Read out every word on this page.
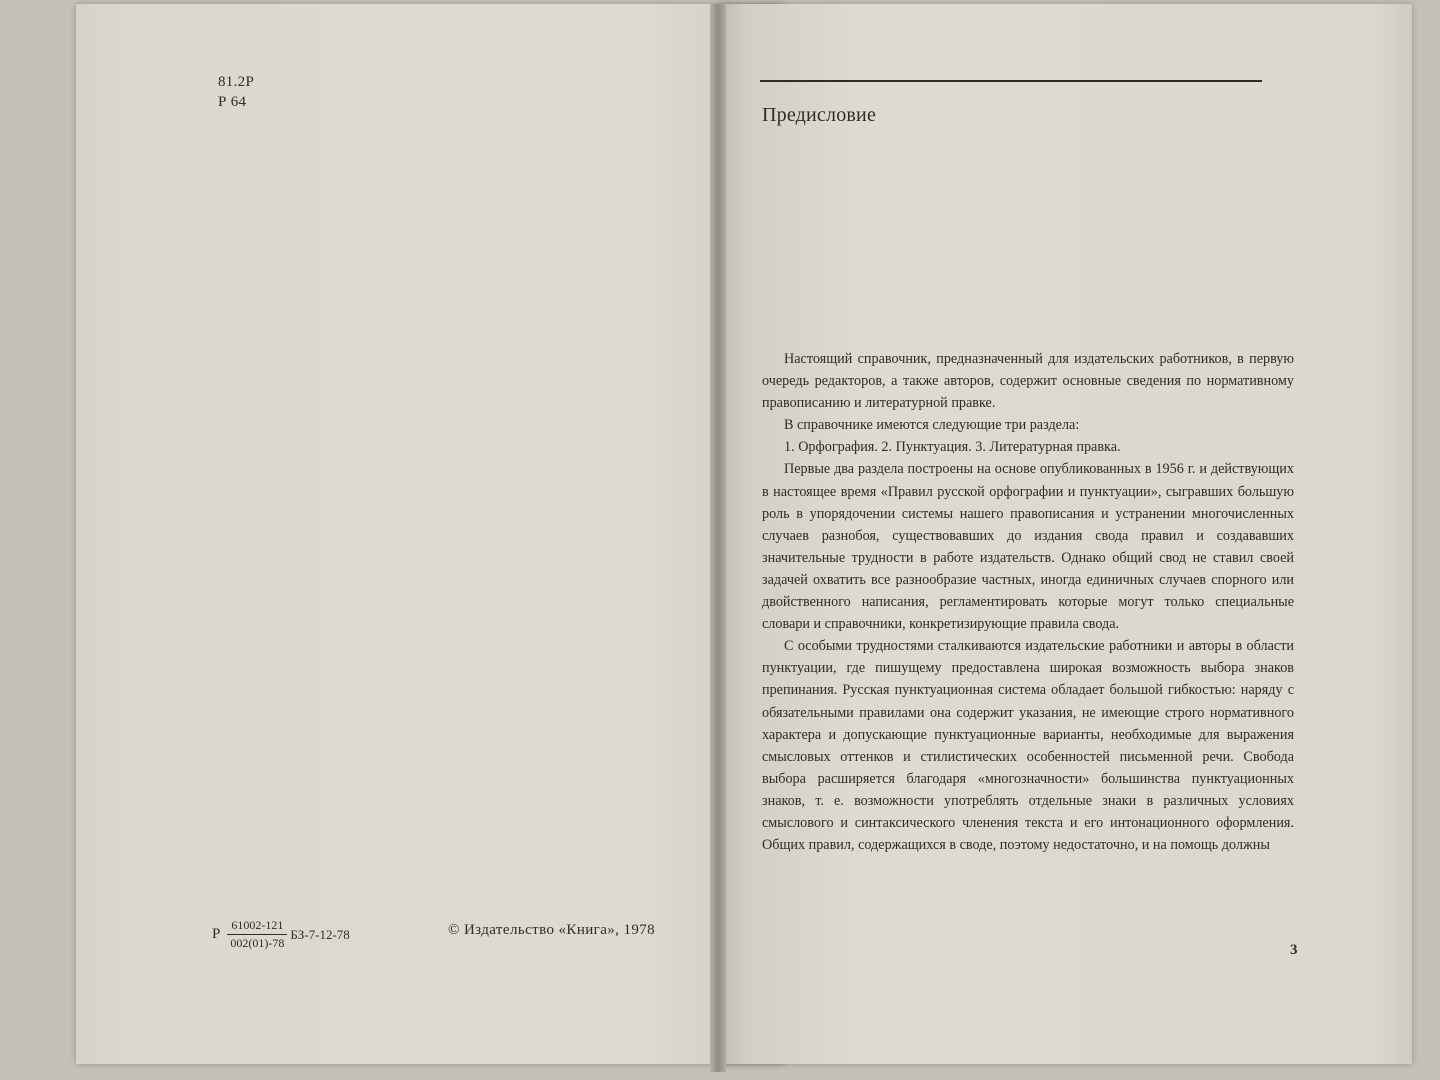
81.2Р
Р 64
Р $\frac{61002-121}{002(01)-78} БЗ-7-12-78$	© Издательство «Книга», 1978
Предисловие

Настоящий справочник, предназначенный для издательских работников, в первую очередь редакторов, а также авторов, содержит основные сведения по нормативному правописанию и литературной правке.

В справочнике имеются следующие три раздела:

1. Орфография. 2. Пунктуация. 3. Литературная правка.

Первые два раздела построены на основе опубликованных в 1956 г. и действующих в настоящее время «Правил русской орфографии и пунктуации», сыгравших большую роль в упорядочении системы нашего правописания и устранении многочисленных случаев разнобоя, существовавших до издания свода правил и создававших значительные трудности в работе издательств. Однако общий свод не ставил своей задачей охватить все разнообразие частных, иногда единичных случаев спорного или двойственного написания, регламентировать которые могут только специальные словари и справочники, конкретизирующие правила свода.

С особыми трудностями сталкиваются издательские работники и авторы в области пунктуации, где пишущему предоставлена широкая возможность выбора знаков препинания. Русская пунктуационная система обладает большой гибкостью: наряду с обязательными правилами она содержит указания, не имеющие строго нормативного характера и допускающие пунктуационные варианты, необходимые для выражения смысловых оттенков и стилистических особенностей письменной речи. Свобода выбора расширяется благодаря «многозначности» большинства пунктуационных знаков, т. е. возможности употреблять отдельные знаки в различных условиях смыслового и синтаксического членения текста и его интонационного оформления. Общих правил, содержащихся в своде, поэтому недостаточно, и на помощь должны

3
